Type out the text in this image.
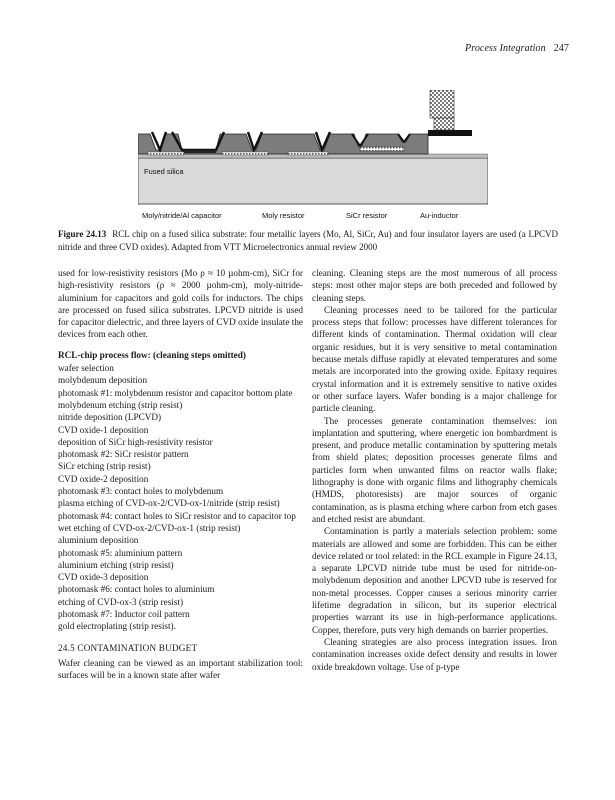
Process Integration 247
Fused silica
Moly/nitride/Al capacitor	Moly resistor	SiCr resistor	Au-inductor
Figure 24.13 RCL chip on a fused silica substrate: four metallic layers (Mo, Al, SiCr, Au) and four insulator layers are used (a LPCVD nitride and three CVD oxides). Adapted from VTT Microelectronics annual review 2000

used for low-resistivity resistors (Mo ρ ≈ 10 µohm-cm), SiCr for high-resistivity resistors (ρ ≈ 2000 µohm-cm), moly-nitride-aluminium for capacitors and gold coils for inductors. The chips are processed on fused silica substrates. LPCVD nitride is used for capacitor dielectric, and three layers of CVD oxide insulate the devices from each other.

RCL-chip process flow: (cleaning steps omitted)
wafer selection
molybdenum deposition
photomask #1: molybdenum resistor and capacitor bottom plate
molybdenum etching (strip resist)
nitride deposition (LPCVD)
CVD oxide-1 deposition
deposition of SiCr high-resistivity resistor
photomask #2: SiCr resistor pattern
SiCr etching (strip resist)
CVD oxide-2 deposition
photomask #3: contact holes to molybdenum
plasma etching of CVD-ox-2/CVD-ox-1/nitride (strip resist)
photomask #4: contact holes to SiCr resistor and to capacitor top
wet etching of CVD-ox-2/CVD-ox-1 (strip resist)
aluminium deposition
photomask #5: aluminium pattern
aluminium etching (strip resist)
CVD oxide-3 deposition
photomask #6: contact holes to aluminium
etching of CVD-ox-3 (strip resist)
photomask #7: Inductor coil pattern
gold electroplating (strip resist).
24.5 CONTAMINATION BUDGET

Wafer cleaning can be viewed as an important stabilization tool: surfaces will be in a known state after wafer

cleaning. Cleaning steps are the most numerous of all process steps: most other major steps are both preceded and followed by cleaning steps.

Cleaning processes need to be tailored for the particular process steps that follow: processes have different tolerances for different kinds of contamination. Thermal oxidation will clear organic residues, but it is very sensitive to metal contamination because metals diffuse rapidly at elevated temperatures and some metals are incorporated into the growing oxide. Epitaxy requires crystal information and it is extremely sensitive to native oxides or other surface layers. Wafer bonding is a major challenge for particle cleaning.

The processes generate contamination themselves: ion implantation and sputtering, where energetic ion bombardment is present, and produce metallic contamination by sputtering metals from shield plates; deposition processes generate films and particles form when unwanted films on reactor walls flake; lithography is done with organic films and lithography chemicals (HMDS, photoresists) are major sources of organic contamination, as is plasma etching where carbon from etch gases and etched resist are abundant.

Contamination is partly a materials selection problem: some materials are allowed and some are forbidden. This can be either device related or tool related: in the RCL example in Figure 24.13, a separate LPCVD nitride tube must be used for nitride-on-molybdenum deposition and another LPCVD tube is reserved for non-metal processes. Copper causes a serious minority carrier lifetime degradation in silicon, but its superior electrical properties warrant its use in high-performance applications. Copper, therefore, puts very high demands on barrier properties.

Cleaning strategies are also process integration issues. Iron contamination increases oxide defect density and results in lower oxide breakdown voltage. Use of p-type
